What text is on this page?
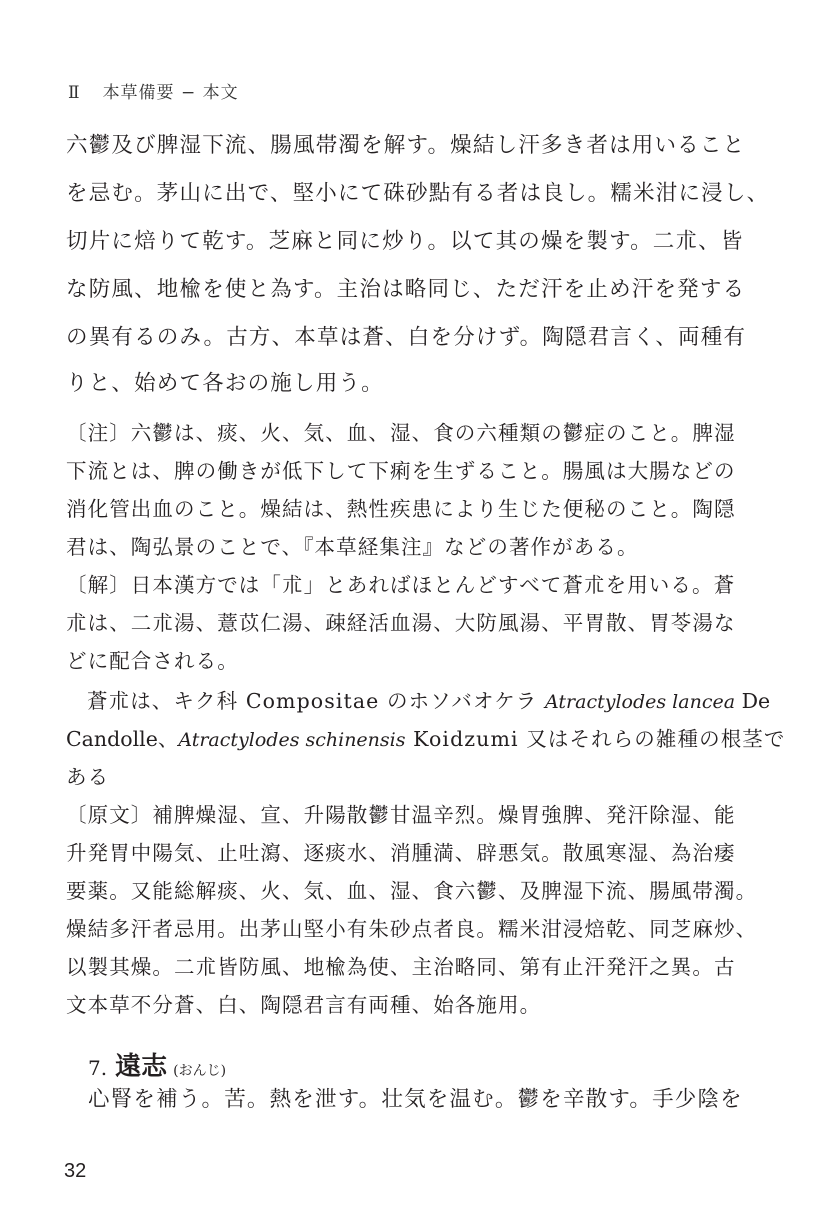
Ⅱ 本草備要 − 本文
六鬱及び脾湿下流、腸風帯濁を解す。燥結し汗多き者は用いること
を忌む。茅山に出で、堅小にて硃砂點有る者は良し。糯米泔に浸し、
切片に焙りて乾す。芝麻と同に炒り。以て其の燥を製す。二朮、皆
な防風、地楡を使と為す。主治は略同じ、ただ汗を止め汗を発する
の異有るのみ。古方、本草は蒼、白を分けず。陶隠君言く、両種有
りと、始めて各おの施し用う。
〔注〕六鬱は、痰、火、気、血、湿、食の六種類の鬱症のこと。脾湿
下流とは、脾の働きが低下して下痢を生ずること。腸風は大腸などの
消化管出血のこと。燥結は、熱性疾患により生じた便秘のこと。陶隠
君は、陶弘景のことで、『本草経集注』などの著作がある。
〔解〕日本漢方では「朮」とあればほとんどすべて蒼朮を用いる。蒼
朮は、二朮湯、薏苡仁湯、疎経活血湯、大防風湯、平胃散、胃苓湯な
どに配合される。
蒼朮は、キク科 Compositae のホソバオケラ Atractylodes lancea De
Candolle、Atractylodes schinensis Koidzumi 又はそれらの雑種の根茎で
ある
〔原文〕補脾燥湿、宣、升陽散鬱甘温辛烈。燥胃強脾、発汗除湿、能
升発胃中陽気、止吐瀉、逐痰水、消腫満、辟悪気。散風寒湿、為治痿
要薬。又能総解痰、火、気、血、湿、食六鬱、及脾湿下流、腸風帯濁。
燥結多汗者忌用。出茅山堅小有朱砂点者良。糯米泔浸焙乾、同芝麻炒、
以製其燥。二朮皆防風、地楡為使、主治略同、第有止汗発汗之異。古
文本草不分蒼、白、陶隠君言有両種、始各施用。
7. 遠志 (おんじ)
心腎を補う。苦。熱を泄す。壮気を温む。鬱を辛散す。手少陰を
32
